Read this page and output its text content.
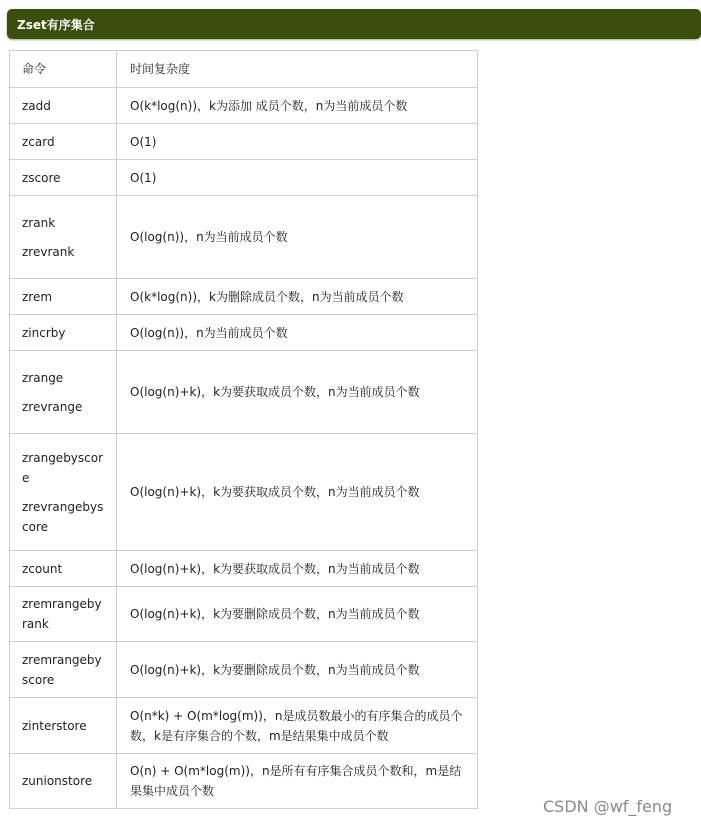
Zset有序集合
命令	时间复杂度

zadd	O(k*log(n))，k为添加 成员个数，n为当前成员个数

zcard	O(1)

zscore	O(1)

zrank
zrevrank	O(log(n))，n为当前成员个数

zrem	O(k*log(n))，k为删除成员个数，n为当前成员个数

zincrby	O(log(n))，n为当前成员个数

zrange
zrevrange	O(log(n)+k)，k为要获取成员个数，n为当前成员个数

zrangebyscore
zrevrangebyscore	O(log(n)+k)，k为要获取成员个数，n为当前成员个数

zcount	O(log(n)+k)，k为要获取成员个数，n为当前成员个数

zremrangebyrank	O(log(n)+k)，k为要删除成员个数，n为当前成员个数

zremrangebyscore	O(log(n)+k)，k为要删除成员个数，n为当前成员个数

zinterstore	O(n*k) + O(m*log(m))，n是成员数最小的有序集合的成员个数，k是有序集合的个数，m是结果集中成员个数

zunionstore	O(n) + O(m*log(m))，n是所有有序集合成员个数和，m是结果集中成员个数
CSDN @wf_feng
